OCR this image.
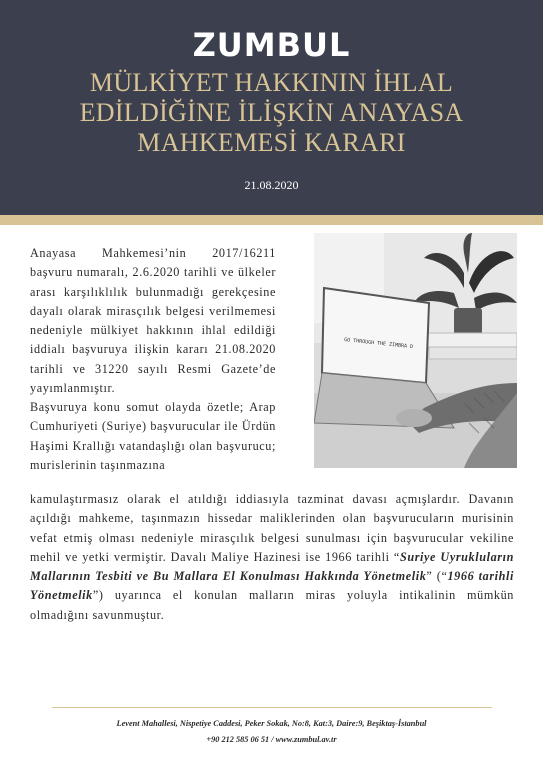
ZUMBUL
MÜLKİYET HAKKININ İHLAL EDİLDİĞİNE İLİŞKİN ANAYASA MAHKEMESİ KARARI
21.08.2020
GO THROUGH THE ZIMBRA D

Anayasa Mahkemesi’nin 2017/16211 başvuru numaralı, 2.6.2020 tarihli ve ülkeler arası karşılıklılık bulunmadığı gerekçesine dayalı olarak mirasçılık belgesi verilmemesi nedeniyle mülkiyet hakkının ihlal edildiği iddialı başvuruya ilişkin kararı 21.08.2020 tarihli ve 31220 sayılı Resmi Gazete’de yayımlanmıştır.

Başvuruya konu somut olayda özetle; Arap Cumhuriyeti (Suriye) başvurucular ile Ürdün Haşimi Krallığı vatandaşlığı olan başvurucu; murislerinin taşınmazına

kamulaştırmasız olarak el atıldığı iddiasıyla tazminat davası açmışlardır. Davanın açıldığı mahkeme, taşınmazın hissedar maliklerinden olan başvurucuların murisinin vefat etmiş olması nedeniyle mirasçılık belgesi sunulması için başvurucular vekiline mehil ve yetki vermiştir. Davalı Maliye Hazinesi ise 1966 tarihli “Suriye Uyrukluların Mallarının Tesbiti ve Bu Mallara El Konulması Hakkında Yönetmelik” (“1966 tarihli Yönetmelik”) uyarınca el konulan malların miras yoluyla intikalinin mümkün olmadığını savunmuştur.

Levent Mahallesi, Nispetiye Caddesi, Peker Sokak, No:8, Kat:3, Daire:9, Beşiktaş-İstanbul
+90 212 585 06 51 / www.zumbul.av.tr
